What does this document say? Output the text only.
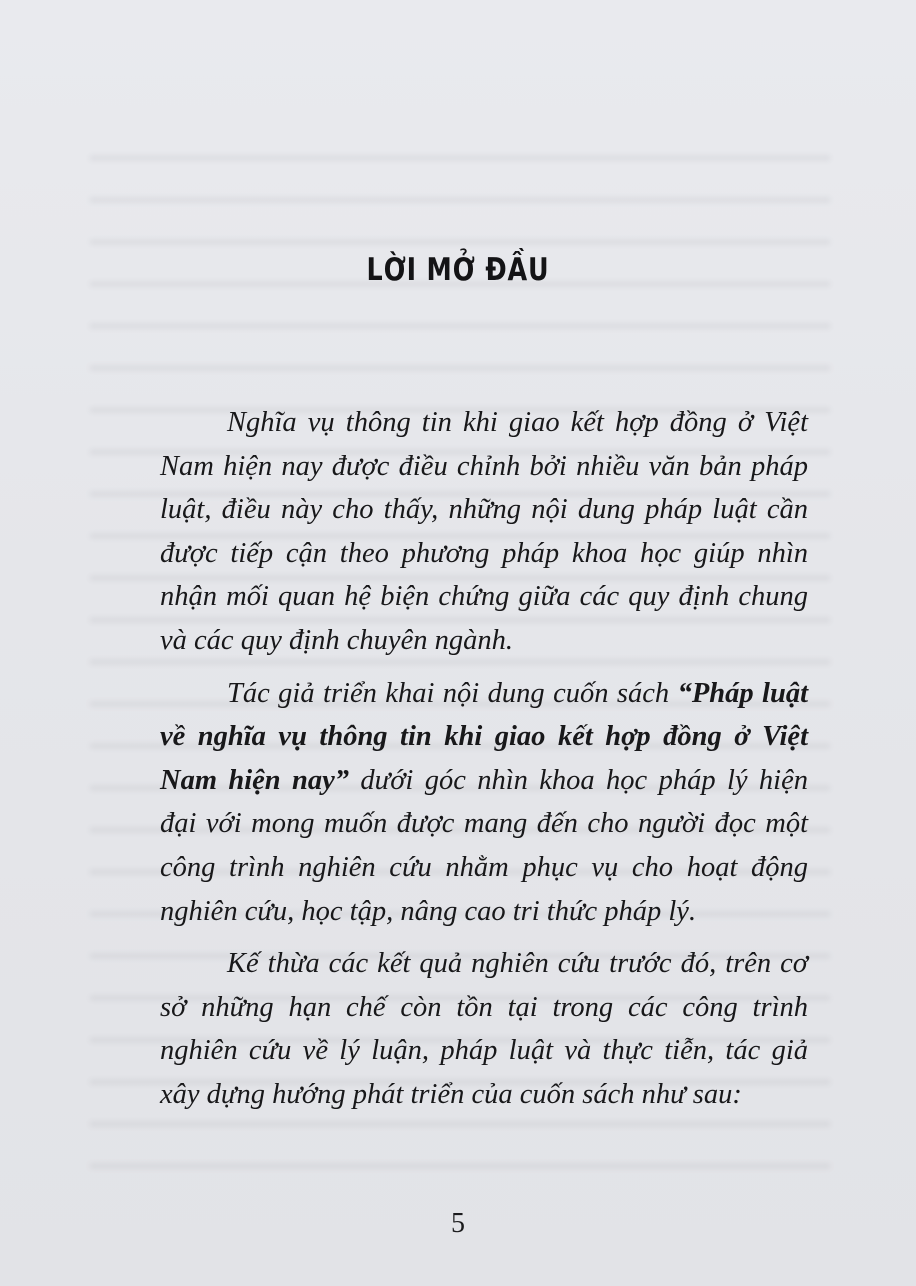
LỜI MỞ ĐẦU

Nghĩa vụ thông tin khi giao kết hợp đồng ở Việt Nam hiện nay được điều chỉnh bởi nhiều văn bản pháp luật, điều này cho thấy, những nội dung pháp luật cần được tiếp cận theo phương pháp khoa học giúp nhìn nhận mối quan hệ biện chứng giữa các quy định chung và các quy định chuyên ngành.

Tác giả triển khai nội dung cuốn sách “Pháp luật về nghĩa vụ thông tin khi giao kết hợp đồng ở Việt Nam hiện nay” dưới góc nhìn khoa học pháp lý hiện đại với mong muốn được mang đến cho người đọc một công trình nghiên cứu nhằm phục vụ cho hoạt động nghiên cứu, học tập, nâng cao tri thức pháp lý.

Kế thừa các kết quả nghiên cứu trước đó, trên cơ sở những hạn chế còn tồn tại trong các công trình nghiên cứu về lý luận, pháp luật và thực tiễn, tác giả xây dựng hướng phát triển của cuốn sách như sau:

5
